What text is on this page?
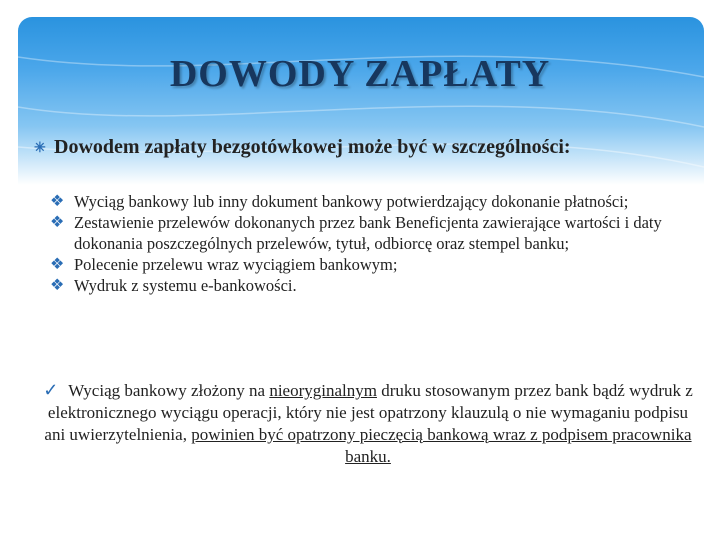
DOWODY ZAPŁATY
✳ Dowodem zapłaty bezgotówkowej może być w szczególności:
❖ Wyciąg bankowy lub inny dokument bankowy potwierdzający dokonanie płatności;
❖ Zestawienie przelewów dokonanych przez bank Beneficjenta zawierające wartości i daty dokonania poszczególnych przelewów, tytuł, odbiorcę oraz stempel banku;
❖ Polecenie przelewu wraz wyciągiem bankowym;
❖ Wydruk z systemu e-bankowości.
✓ Wyciąg bankowy złożony na nieoryginalnym druku stosowanym przez bank bądź wydruk z elektronicznego wyciągu operacji, który nie jest opatrzony klauzulą o nie wymaganiu podpisu ani uwierzytelnienia, powinien być opatrzony pieczęcią bankową wraz z podpisem pracownika banku.
